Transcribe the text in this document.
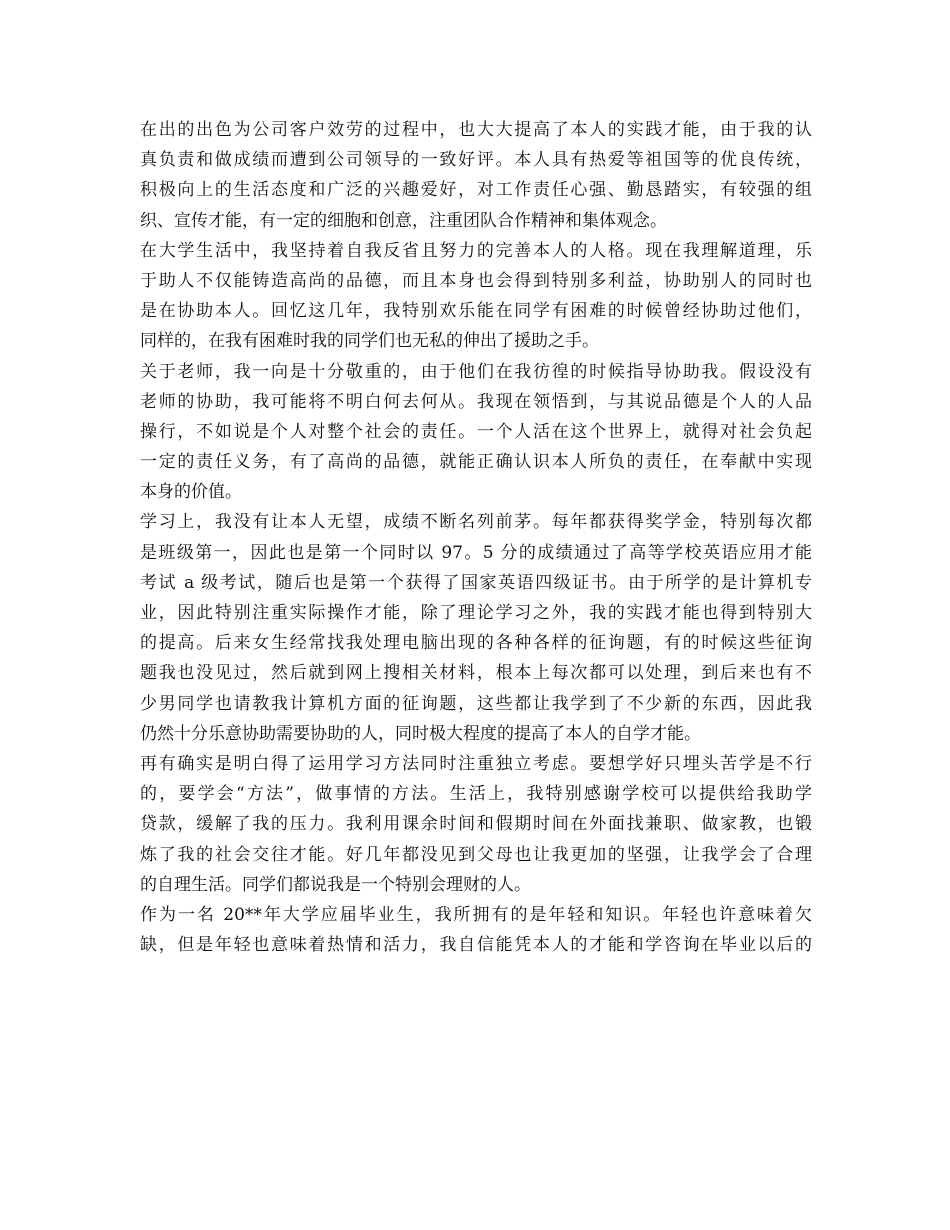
在出的出色为公司客户效劳的过程中，也大大提高了本人的实践才能，由于我的认
真负责和做成绩而遭到公司领导的一致好评。本人具有热爱等祖国等的优良传统，
积极向上的生活态度和广泛的兴趣爱好，对工作责任心强、勤恳踏实，有较强的组
织、宣传才能，有一定的细胞和创意，注重团队合作精神和集体观念。
在大学生活中，我坚持着自我反省且努力的完善本人的人格。现在我理解道理，乐
于助人不仅能铸造高尚的品德，而且本身也会得到特别多利益，协助别人的同时也
是在协助本人。回忆这几年，我特别欢乐能在同学有困难的时候曾经协助过他们，
同样的，在我有困难时我的同学们也无私的伸出了援助之手。
关于老师，我一向是十分敬重的，由于他们在我彷徨的时候指导协助我。假设没有
老师的协助，我可能将不明白何去何从。我现在领悟到，与其说品德是个人的人品
操行，不如说是个人对整个社会的责任。一个人活在这个世界上，就得对社会负起
一定的责任义务，有了高尚的品德，就能正确认识本人所负的责任，在奉献中实现
本身的价值。
学习上，我没有让本人无望，成绩不断名列前茅。每年都获得奖学金，特别每次都
是班级第一，因此也是第一个同时以 97。5 分的成绩通过了高等学校英语应用才能
考试 a 级考试，随后也是第一个获得了国家英语四级证书。由于所学的是计算机专
业，因此特别注重实际操作才能，除了理论学习之外，我的实践才能也得到特别大
的提高。后来女生经常找我处理电脑出现的各种各样的征询题，有的时候这些征询
题我也没见过，然后就到网上搜相关材料，根本上每次都可以处理，到后来也有不
少男同学也请教我计算机方面的征询题，这些都让我学到了不少新的东西，因此我
仍然十分乐意协助需要协助的人，同时极大程度的提高了本人的自学才能。
再有确实是明白得了运用学习方法同时注重独立考虑。要想学好只埋头苦学是不行
的，要学会“方法”，做事情的方法。生活上，我特别感谢学校可以提供给我助学
贷款，缓解了我的压力。我利用课余时间和假期时间在外面找兼职、做家教，也锻
炼了我的社会交往才能。好几年都没见到父母也让我更加的坚强，让我学会了合理
的自理生活。同学们都说我是一个特别会理财的人。
作为一名 20**年大学应届毕业生，我所拥有的是年轻和知识。年轻也许意味着欠
缺，但是年轻也意味着热情和活力，我自信能凭本人的才能和学咨询在毕业以后的
